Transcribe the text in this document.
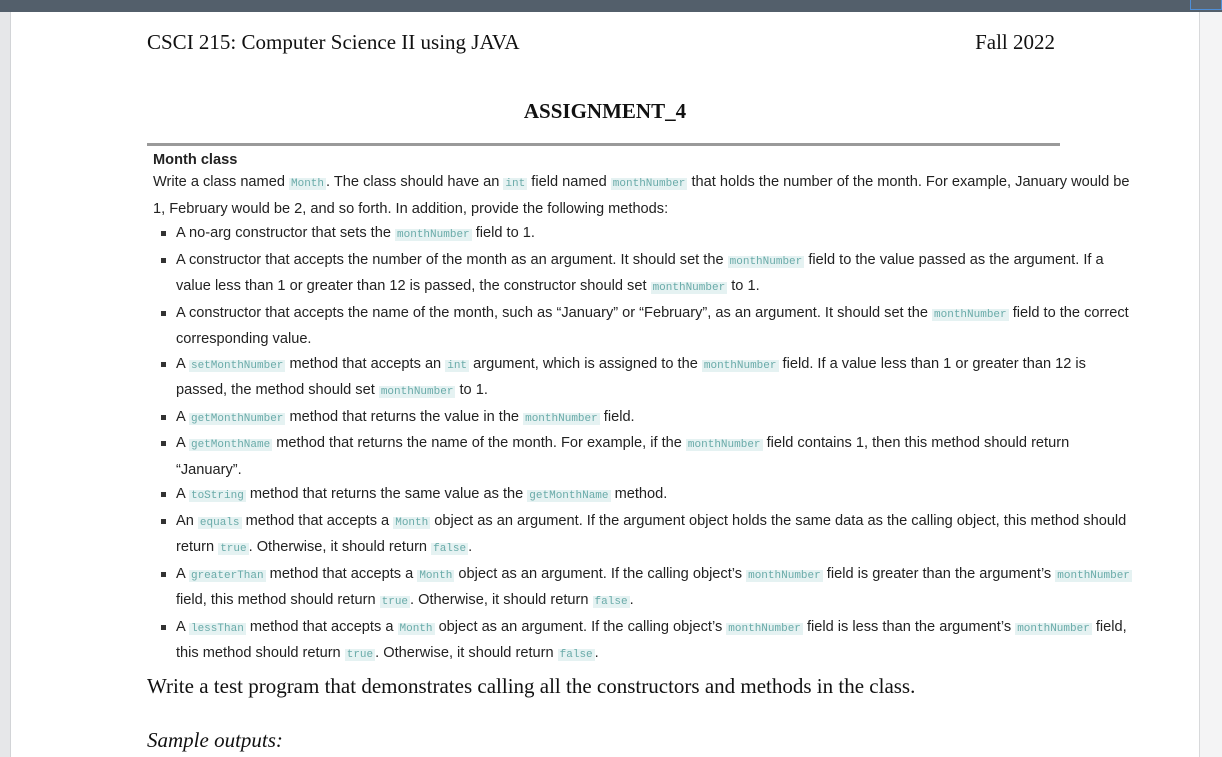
CSCI 215: Computer Science II using JAVA	Fall 2022
ASSIGNMENT_4
Month class

Write a class named Month . The class should have an int field named monthNumber that holds the number of the month. For example, January would be 1, February would be 2, and so forth. In addition, provide the following methods:

A no-arg constructor that sets the monthNumber field to 1.
A constructor that accepts the number of the month as an argument. It should set the monthNumber field to the value passed as the argument. If a value less than 1 or greater than 12 is passed, the constructor should set monthNumber to 1.
A constructor that accepts the name of the month, such as “January” or “February”, as an argument. It should set the monthNumber field to the correct corresponding value.
A setMonthNumber method that accepts an int argument, which is assigned to the monthNumber field. If a value less than 1 or greater than 12 is passed, the method should set monthNumber to 1.
A getMonthNumber method that returns the value in the monthNumber field.
A getMonthName method that returns the name of the month. For example, if the monthNumber field contains 1, then this method should return “January”.
A toString method that returns the same value as the getMonthName method.
An equals method that accepts a Month object as an argument. If the argument object holds the same data as the calling object, this method should return true . Otherwise, it should return false .
A greaterThan method that accepts a Month object as an argument. If the calling object’s monthNumber field is greater than the argument’s monthNumber field, this method should return true . Otherwise, it should return false .
A lessThan method that accepts a Month object as an argument. If the calling object’s monthNumber field is less than the argument’s monthNumber field, this method should return true . Otherwise, it should return false .
Write a test program that demonstrates calling all the constructors and methods in the class.
Sample outputs:
